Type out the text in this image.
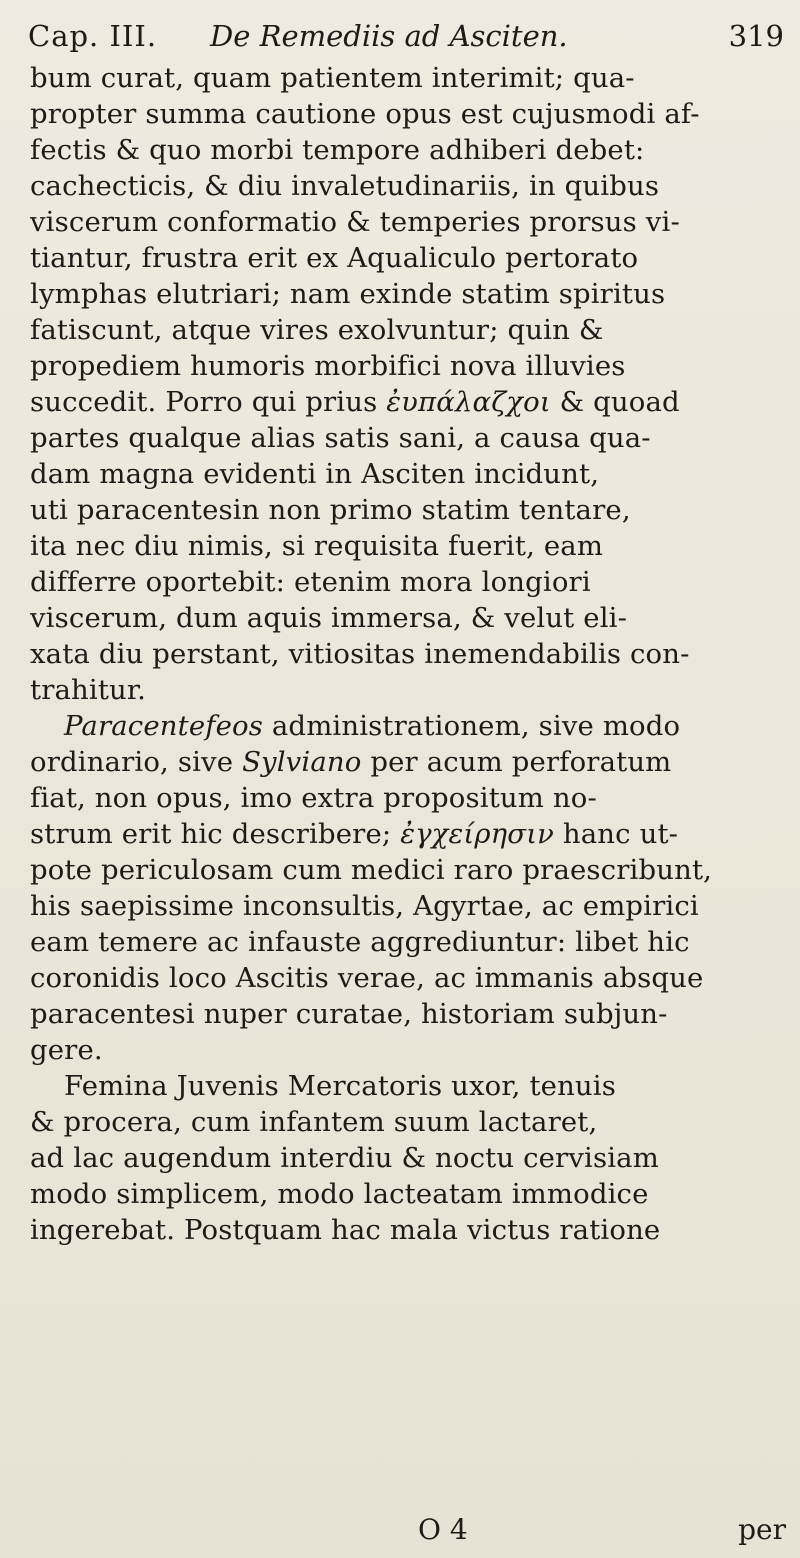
Cap. III. De Remediis ad Asciten.	319
bum curat, quam patientem interimit; qua-
propter summa cautione opus est cujusmodi af-
fectis & quo morbi tempore adhiberi debet:
cachecticis, & diu invaletudinariis, in quibus
viscerum conformatio & temperies prorsus vi-
tiantur, frustra erit ex Aqualiculo pertorato
lymphas elutriari; nam exinde statim spiritus
fatiscunt, atque vires exolvuntur; quin &
propediem humoris morbifici nova illuvies
succedit. Porro qui prius ἐυπάλαζχοι & quoad
partes qualque alias satis sani, a causa qua-
dam magna evidenti in Asciten incidunt,
uti paracentesin non primo statim tentare,
ita nec diu nimis, si requisita fuerit, eam
differre oportebit: etenim mora longiori
viscerum, dum aquis immersa, & velut eli-
xata diu perstant, vitiositas inemendabilis con-
trahitur.
Paracentefeos administrationem, sive modo
ordinario, sive Sylviano per acum perforatum
fiat, non opus, imo extra propositum no-
strum erit hic describere; ἐγχείρησιν hanc ut-
pote periculosam cum medici raro praescribunt,
his saepissime inconsultis, Agyrtae, ac empirici
eam temere ac infauste aggrediuntur: libet hic
coronidis loco Ascitis verae, ac immanis absque
paracentesi nuper curatae, historiam subjun-
gere.
Femina Juvenis Mercatoris uxor, tenuis
& procera, cum infantem suum lactaret,
ad lac augendum interdiu & noctu cervisiam
modo simplicem, modo lacteatam immodice
ingerebat. Postquam hac mala victus ratione
O 4	per
